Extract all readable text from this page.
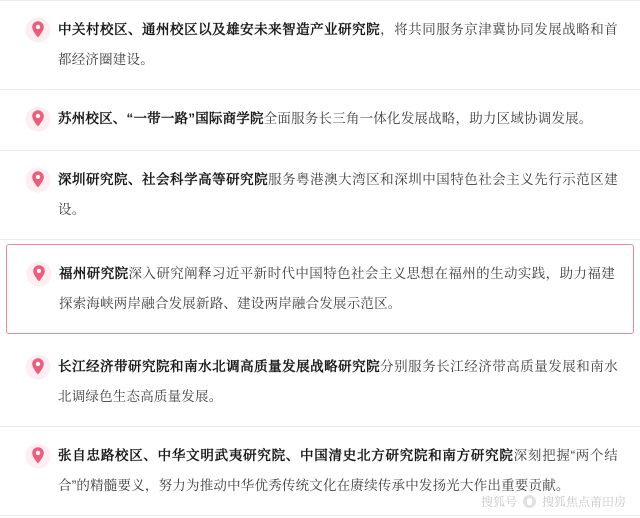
中关村校区、通州校区以及雄安未来智造产业研究院，将共同服务京津冀协同发展战略和首都经济圈建设。
苏州校区、“一带一路”国际商学院全面服务长三角一体化发展战略，助力区域协调发展。
深圳研究院、社会科学高等研究院服务粤港澳大湾区和深圳中国特色社会主义先行示范区建设。
福州研究院深入研究阐释习近平新时代中国特色社会主义思想在福州的生动实践，助力福建探索海峡两岸融合发展新路、建设两岸融合发展示范区。
长江经济带研究院和南水北调高质量发展战略研究院分别服务长江经济带高质量发展和南水北调绿色生态高质量发展。
张自忠路校区、中华文明武夷研究院、中国清史北方研究院和南方研究院深刻把握“两个结合”的精髓要义，努力为推动中华优秀传统文化在赓续传承中发扬光大作出重要贡献。
搜狐号 搜狐焦点莆田房
